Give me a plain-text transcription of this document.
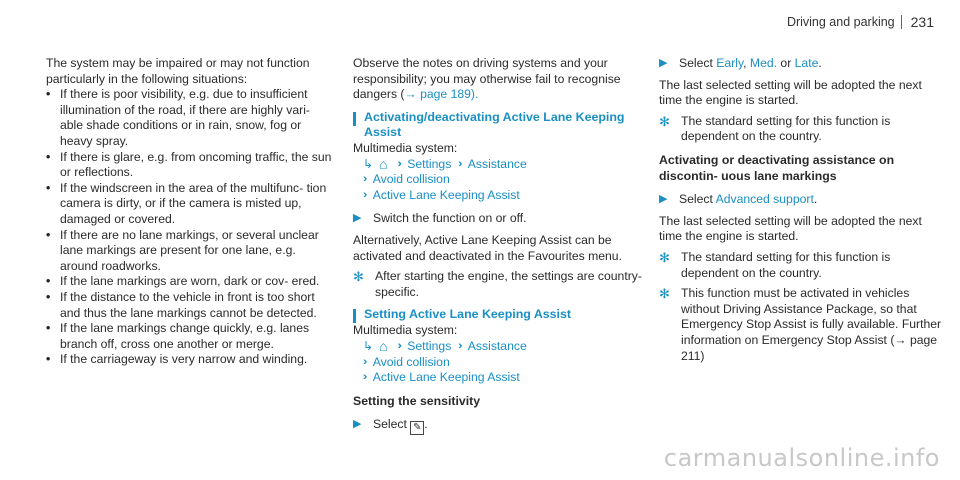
Driving and parking 231

The system may be impaired or may not function particularly in the following situations:

• If there is poor visibility, e.g. due to insufficient illumination of the road, if there are highly vari- able shade conditions or in rain, snow, fog or heavy spray.
• If there is glare, e.g. from oncoming traffic, the sun or reflections.
• If the windscreen in the area of the multifunc- tion camera is dirty, or if the camera is misted up, damaged or covered.
• If there are no lane markings, or several unclear lane markings are present for one lane, e.g. around roadworks.
• If the lane markings are worn, dark or cov- ered.
• If the distance to the vehicle in front is too short and thus the lane markings cannot be detected.
• If the lane markings change quickly, e.g. lanes branch off, cross one another or merge.
• If the carriageway is very narrow and winding.

Observe the notes on driving systems and your responsibility; you may otherwise fail to recognise dangers (→ page 189).

Activating/deactivating Active Lane Keeping Assist

Multimedia system:

↳ ⌂ ››
Settings
››
Assistance
››
Avoid collision
››
Active Lane Keeping Assist
▶ Switch the function on or off.

Alternatively, Active Lane Keeping Assist can be activated and deactivated in the Favourites menu.

✻ After starting the engine, the settings are country-specific.
Setting Active Lane Keeping Assist

Multimedia system:

↳ ⌂ ››
Settings
››
Assistance
››
Avoid collision
››
Active Lane Keeping Assist
Setting the sensitivity
▶ Select ✎ .
▶ Select Early, Med. or Late.

The last selected setting will be adopted the next time the engine is started.

✻ The standard setting for this function is dependent on the country.
Activating or deactivating assistance on discontin- uous lane markings
▶ Select Advanced support.

The last selected setting will be adopted the next time the engine is started.

✻ The standard setting for this function is dependent on the country.
✻ This function must be activated in vehicles without Driving Assistance Package, so that Emergency Stop Assist is fully available. Further information on Emergency Stop Assist (→ page 211)
carmanualsonline.info
